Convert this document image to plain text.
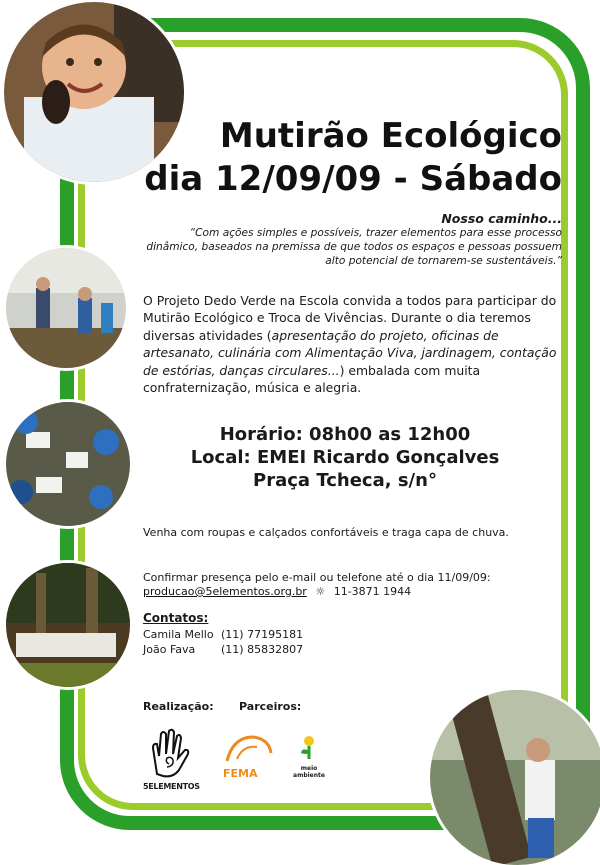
Mutirão Ecológico
dia 12/09/09 - Sábado
Nosso caminho...
“Com ações simples e possíveis, trazer elementos para esse processo dinâmico, baseados na premissa de que todos os espaços e pessoas possuem alto potencial de tornarem-se sustentáveis.”
O Projeto Dedo Verde na Escola convida a todos para participar do Mutirão Ecológico e Troca de Vivências. Durante o dia teremos diversas atividades (apresentação do projeto, oficinas de artesanato, culinária com Alimentação Viva, jardinagem, contação de estórias, danças circulares...) embalada com muita confraternização, música e alegria.
Horário: 08h00 as 12h00
Local: EMEI Ricardo Gonçalves
Praça Tcheca, s/n°
Venha com roupas e calçados confortáveis e traga capa de chuva.
Confirmar presença pelo e-mail ou telefone até o dia 11/09/09:
producao@5elementos.org.br ☼ 11-3871 1944
Contatos:
Camila Mello (11) 77195181
João Fava (11) 85832807
Realização: Parceiros:
5ELEMENTOS
FEMA	meio ambiente
